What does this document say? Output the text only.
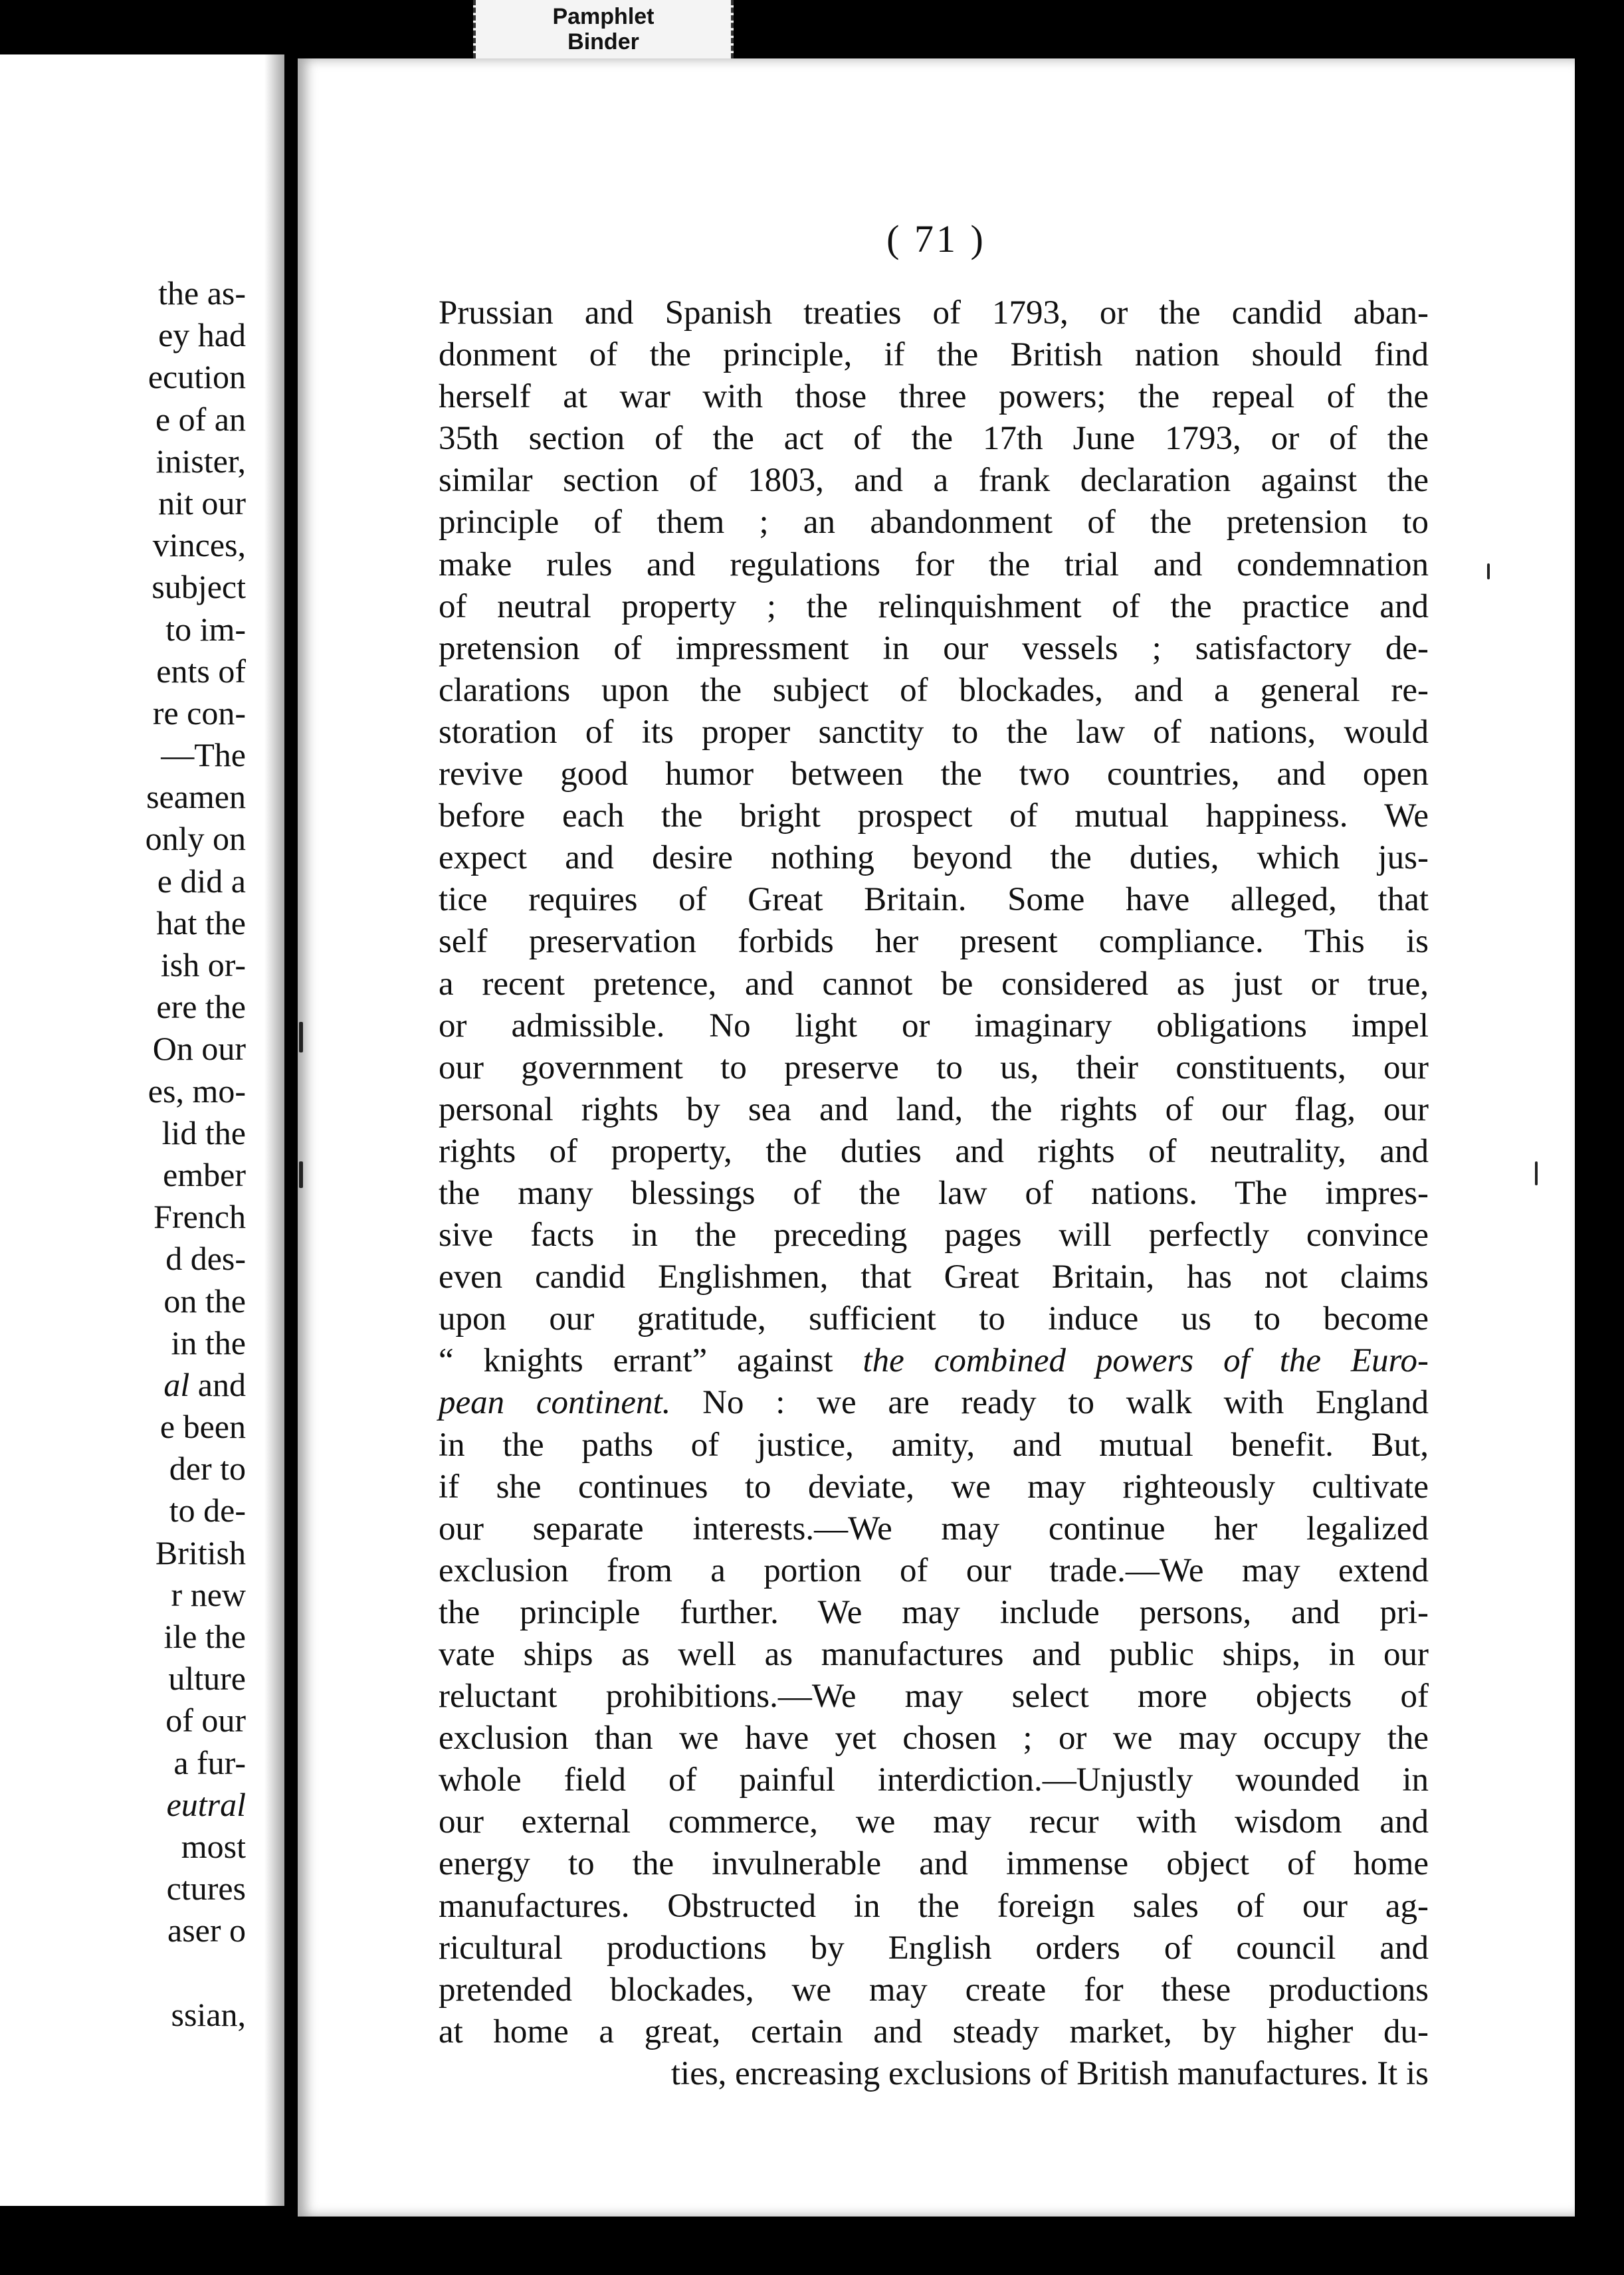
Pamphlet
Binder
the as-
ey had
ecution
e of an
inister,
nit our
vinces,
subject
to im-
ents of
re con-
—The
seamen
only on
e did a
hat the
ish or-
ere the
On our
es, mo-
lid the
ember
French
d des-
on the
in the
al and
e been
der to
to de-
British
r new
ile the
ulture
of our
a fur-
eutral
most
ctures
aser o
ssian,
( 71 )
Prussian and Spanish treaties of 1793, or the candid aban-
donment of the principle, if the British nation should find
herself at war with those three powers; the repeal of the
35th section of the act of the 17th June 1793, or of the
similar section of 1803, and a frank declaration against the
principle of them ; an abandonment of the pretension to
make rules and regulations for the trial and condemnation
of neutral property ; the relinquishment of the practice and
pretension of impressment in our vessels ; satisfactory de-
clarations upon the subject of blockades, and a general re-
storation of its proper sanctity to the law of nations, would
revive good humor between the two countries, and open
before each the bright prospect of mutual happiness. We
expect and desire nothing beyond the duties, which jus-
tice requires of Great Britain. Some have alleged, that
self preservation forbids her present compliance. This is
a recent pretence, and cannot be considered as just or true,
or admissible. No light or imaginary obligations impel
our government to preserve to us, their constituents, our
personal rights by sea and land, the rights of our flag, our
rights of property, the duties and rights of neutrality, and
the many blessings of the law of nations. The impres-
sive facts in the preceding pages will perfectly convince
even candid Englishmen, that Great Britain, has not claims
upon our gratitude, sufficient to induce us to become
“ knights errant” against the combined powers of the Euro-
pean continent. No : we are ready to walk with England
in the paths of justice, amity, and mutual benefit. But,
if she continues to deviate, we may righteously cultivate
our separate interests.—We may continue her legalized
exclusion from a portion of our trade.—We may extend
the principle further. We may include persons, and pri-
vate ships as well as manufactures and public ships, in our
reluctant prohibitions.—We may select more objects of
exclusion than we have yet chosen ; or we may occupy the
whole field of painful interdiction.—Unjustly wounded in
our external commerce, we may recur with wisdom and
energy to the invulnerable and immense object of home
manufactures. Obstructed in the foreign sales of our ag-
ricultural productions by English orders of council and
pretended blockades, we may create for these productions
at home a great, certain and steady market, by higher du-
ties, encreasing exclusions of British manufactures. It is
